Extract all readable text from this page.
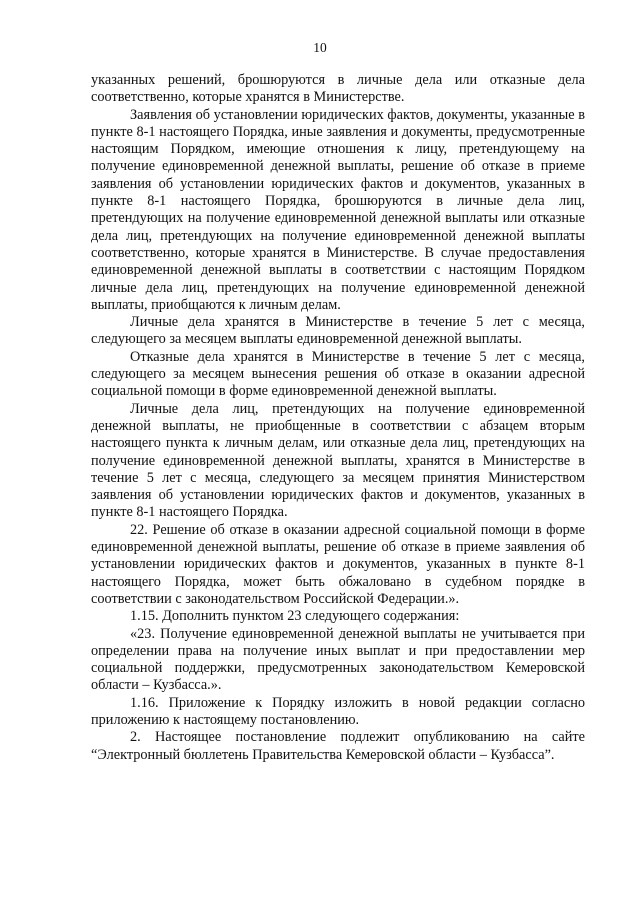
10

указанных решений, брошюруются в личные дела или отказные дела соответственно, которые хранятся в Министерстве.

Заявления об установлении юридических фактов, документы, указанные в пункте 8-1 настоящего Порядка, иные заявления и документы, предусмотренные настоящим Порядком, имеющие отношения к лицу, претендующему на получение единовременной денежной выплаты, решение об отказе в приеме заявления об установлении юридических фактов и документов, указанных в пункте 8-1 настоящего Порядка, брошюруются в личные дела лиц, претендующих на получение единовременной денежной выплаты или отказные дела лиц, претендующих на получение единовременной денежной выплаты соответственно, которые хранятся в Министерстве. В случае предоставления единовременной денежной выплаты в соответствии с настоящим Порядком личные дела лиц, претендующих на получение единовременной денежной выплаты, приобщаются к личным делам.

Личные дела хранятся в Министерстве в течение 5 лет с месяца, следующего за месяцем выплаты единовременной денежной выплаты.

Отказные дела хранятся в Министерстве в течение 5 лет с месяца, следующего за месяцем вынесения решения об отказе в оказании адресной социальной помощи в форме единовременной денежной выплаты.

Личные дела лиц, претендующих на получение единовременной денежной выплаты, не приобщенные в соответствии с абзацем вторым настоящего пункта к личным делам, или отказные дела лиц, претендующих на получение единовременной денежной выплаты, хранятся в Министерстве в течение 5 лет с месяца, следующего за месяцем принятия Министерством заявления об установлении юридических фактов и документов, указанных в пункте 8-1 настоящего Порядка.

22. Решение об отказе в оказании адресной социальной помощи в форме единовременной денежной выплаты, решение об отказе в приеме заявления об установлении юридических фактов и документов, указанных в пункте 8-1 настоящего Порядка, может быть обжаловано в судебном порядке в соответствии с законодательством Российской Федерации.».

1.15. Дополнить пунктом 23 следующего содержания:

«23. Получение единовременной денежной выплаты не учитывается при определении права на получение иных выплат и при предоставлении мер социальной поддержки, предусмотренных законодательством Кемеровской области – Кузбасса.».

1.16. Приложение к Порядку изложить в новой редакции согласно приложению к настоящему постановлению.

2. Настоящее постановление подлежит опубликованию на сайте “Электронный бюллетень Правительства Кемеровской области – Кузбасса”.
